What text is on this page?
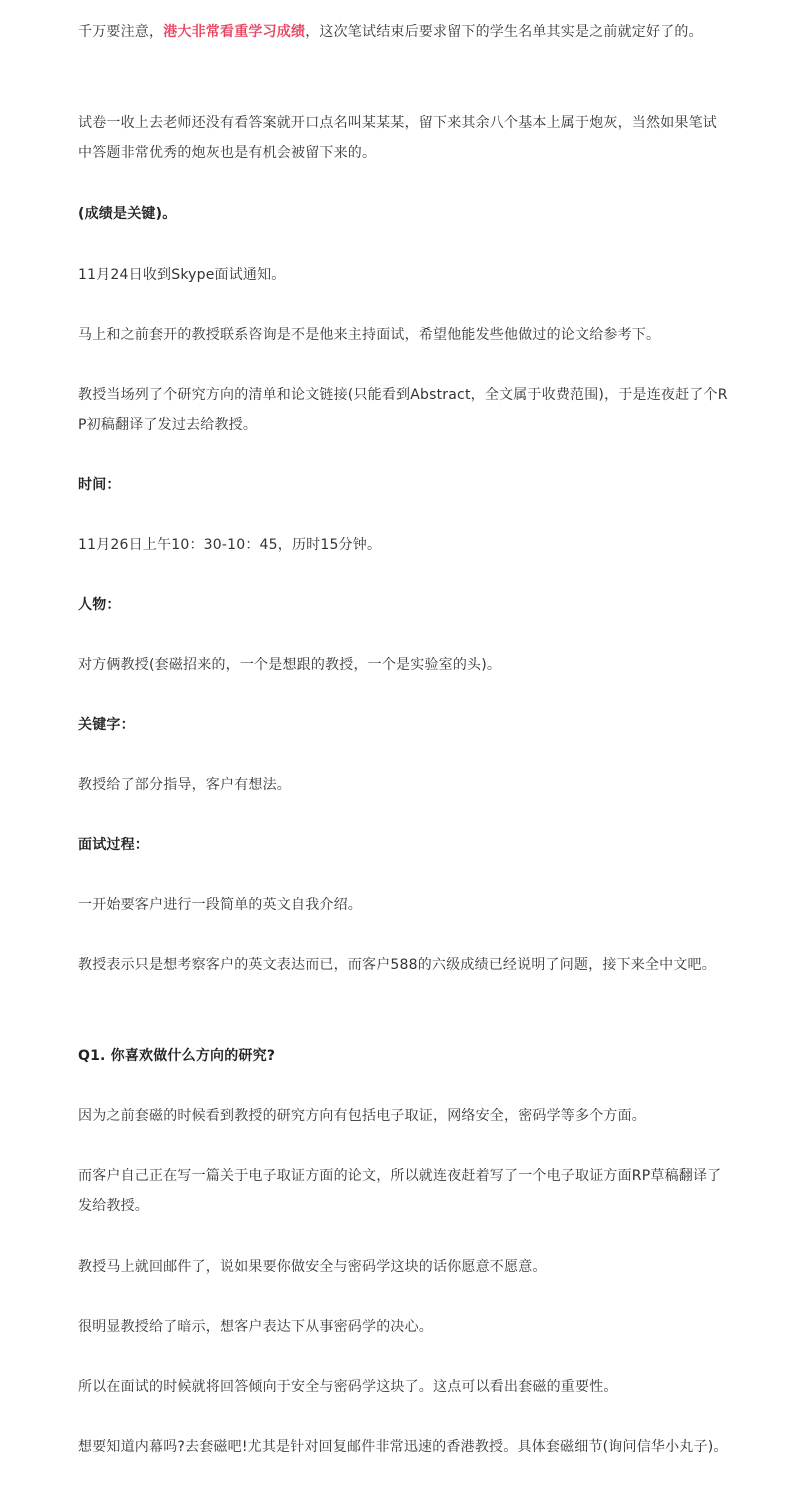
千万要注意，港大非常看重学习成绩，这次笔试结束后要求留下的学生名单其实是之前就定好了的。

试卷一收上去老师还没有看答案就开口点名叫某某某，留下来其余八个基本上属于炮灰，当然如果笔试中答题非常优秀的炮灰也是有机会被留下来的。

(成绩是关键)。

11月24日收到Skype面试通知。

马上和之前套开的教授联系咨询是不是他来主持面试，希望他能发些他做过的论文给参考下。

教授当场列了个研究方向的清单和论文链接(只能看到Abstract，全文属于收费范围)，于是连夜赶了个RP初稿翻译了发过去给教授。

时间：

11月26日上午10：30-10：45，历时15分钟。

人物：

对方俩教授(套磁招来的，一个是想跟的教授，一个是实验室的头)。

关键字：

教授给了部分指导，客户有想法。

面试过程：

一开始要客户进行一段简单的英文自我介绍。

教授表示只是想考察客户的英文表达而已，而客户588的六级成绩已经说明了问题，接下来全中文吧。

Q1. 你喜欢做什么方向的研究?

因为之前套磁的时候看到教授的研究方向有包括电子取证，网络安全，密码学等多个方面。

而客户自己正在写一篇关于电子取证方面的论文，所以就连夜赶着写了一个电子取证方面RP草稿翻译了发给教授。

教授马上就回邮件了，说如果要你做安全与密码学这块的话你愿意不愿意。

很明显教授给了暗示，想客户表达下从事密码学的决心。

所以在面试的时候就将回答倾向于安全与密码学这块了。这点可以看出套磁的重要性。

想要知道内幕吗?去套磁吧!尤其是针对回复邮件非常迅速的香港教授。具体套磁细节(询问信华小丸子)。
